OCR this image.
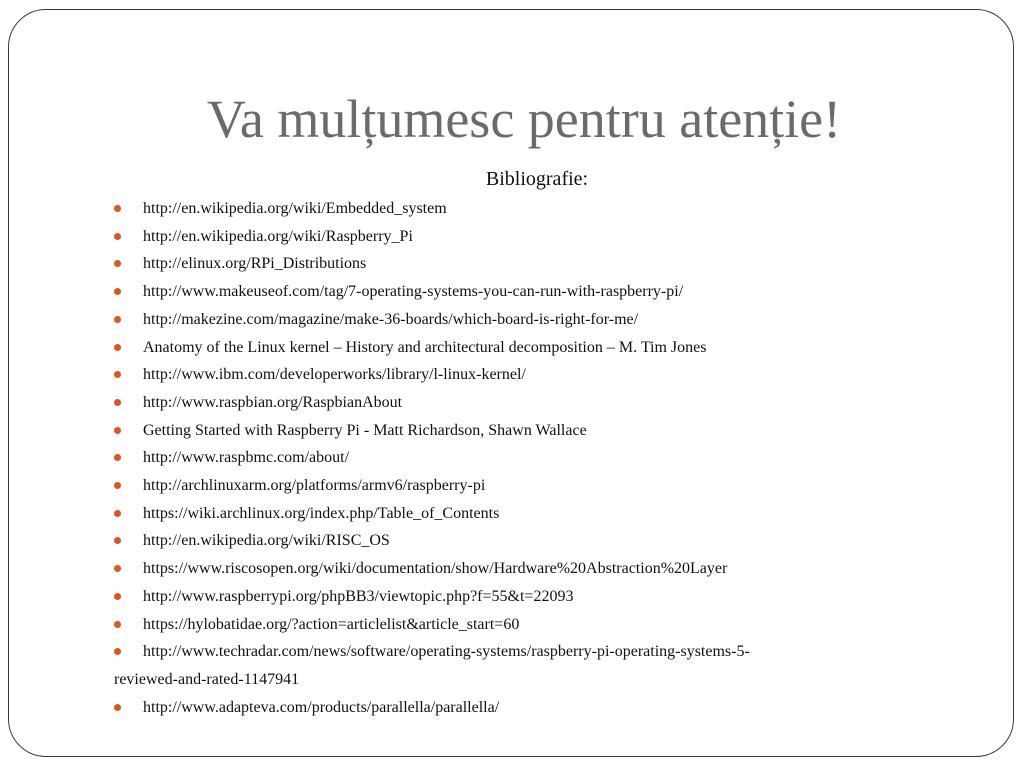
Va mulțumesc pentru atenție!
Bibliografie:
http://en.wikipedia.org/wiki/Embedded_system
http://en.wikipedia.org/wiki/Raspberry_Pi
http://elinux.org/RPi_Distributions
http://www.makeuseof.com/tag/7-operating-systems-you-can-run-with-raspberry-pi/
http://makezine.com/magazine/make-36-boards/which-board-is-right-for-me/
Anatomy of the Linux kernel – History and architectural decomposition – M. Tim Jones
http://www.ibm.com/developerworks/library/l-linux-kernel/
http://www.raspbian.org/RaspbianAbout
Getting Started with Raspberry Pi - Matt Richardson, Shawn Wallace
http://www.raspbmc.com/about/
http://archlinuxarm.org/platforms/armv6/raspberry-pi
https://wiki.archlinux.org/index.php/Table_of_Contents
http://en.wikipedia.org/wiki/RISC_OS
https://www.riscosopen.org/wiki/documentation/show/Hardware%20Abstraction%20Layer
http://www.raspberrypi.org/phpBB3/viewtopic.php?f=55&t=22093
https://hylobatidae.org/?action=articlelist&article_start=60
http://www.techradar.com/news/software/operating-systems/raspberry-pi-operating-systems-5-
reviewed-and-rated-1147941
http://www.adapteva.com/products/parallella/parallella/
